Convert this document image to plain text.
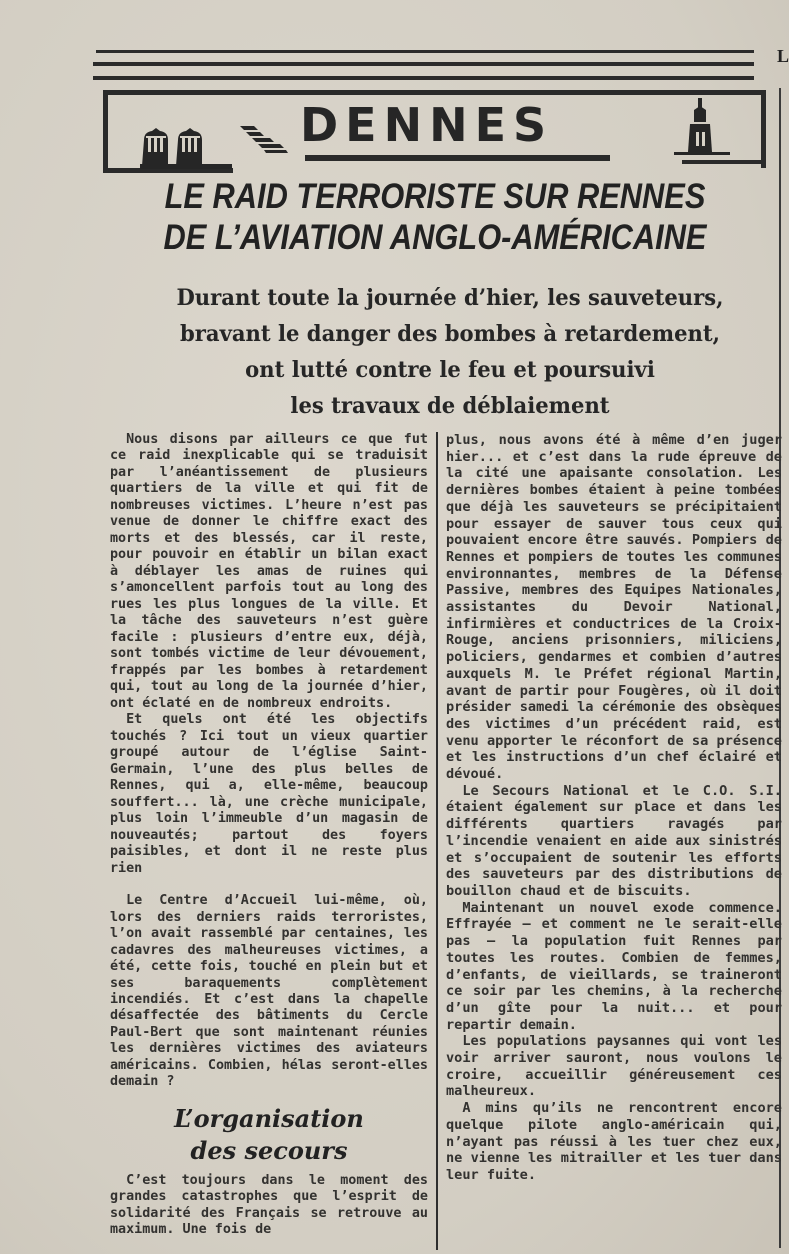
L
DENNES
LE RAID TERRORISTE SUR RENNES
DE L’AVIATION ANGLO-AMÉRICAINE
Durant toute la journée d’hier, les sauveteurs,
bravant le danger des bombes à retardement,
ont lutté contre le feu et poursuivi
les travaux de déblaiement

Nous disons par ailleurs ce que fut ce raid inexplicable qui se traduisit par l’anéantissement de plusieurs quartiers de la ville et qui fit de nombreuses victimes. L’heure n’est pas venue de donner le chiffre exact des morts et des blessés, car il reste, pour pouvoir en établir un bilan exact à déblayer les amas de ruines qui s’amoncellent parfois tout au long des rues les plus longues de la ville. Et la tâche des sauveteurs n’est guère facile : plusieurs d’entre eux, déjà, sont tombés victime de leur dévouement, frappés par les bombes à retardement qui, tout au long de la journée d’hier, ont éclaté en de nombreux endroits.

Et quels ont été les objectifs touchés ? Ici tout un vieux quartier groupé autour de l’église Saint-Germain, l’une des plus belles de Rennes, qui a, elle-même, beaucoup souffert... là, une crèche municipale, plus loin l’immeuble d’un magasin de nouveautés; partout des foyers paisibles, et dont il ne reste plus rien

Le Centre d’Accueil lui-même, où, lors des derniers raids terroristes, l’on avait rassemblé par centaines, les cadavres des malheureuses victimes, a été, cette fois, touché en plein but et ses baraquements complètement incendiés. Et c’est dans la chapelle désaffectée des bâtiments du Cercle Paul-Bert que sont maintenant réunies les dernières victimes des aviateurs américains. Combien, hélas seront-elles demain ?

L’organisation
des secours

C’est toujours dans le moment des grandes catastrophes que l’esprit de solidarité des Français se retrouve au maximum. Une fois de

plus, nous avons été à même d’en juger hier... et c’est dans la rude épreuve de la cité une apaisante consolation. Les dernières bombes étaient à peine tombées que déjà les sauveteurs se précipitaient pour essayer de sauver tous ceux qui pouvaient encore être sauvés. Pompiers de Rennes et pompiers de toutes les communes environnantes, membres de la Défense Passive, membres des Equipes Nationales, assistantes du Devoir National, infirmières et conductrices de la Croix-Rouge, anciens prisonniers, miliciens, policiers, gendarmes et combien d’autres auxquels M. le Préfet régional Martin, avant de partir pour Fougères, où il doit présider samedi la cérémonie des obsèques des victimes d’un précédent raid, est venu apporter le réconfort de sa présence et les instructions d’un chef éclairé et dévoué.

Le Secours National et le C.O. S.I. étaient également sur place et dans les différents quartiers ravagés par l’incendie venaient en aide aux sinistrés et s’occupaient de soutenir les efforts des sauveteurs par des distributions de bouillon chaud et de biscuits.

Maintenant un nouvel exode commence. Effrayée — et comment ne le serait-elle pas — la population fuit Rennes par toutes les routes. Combien de femmes, d’enfants, de vieillards, se traineront ce soir par les chemins, à la recherche d’un gîte pour la nuit... et pour repartir demain.

Les populations paysannes qui vont les voir arriver sauront, nous voulons le croire, accueillir généreusement ces malheureux.

A mins qu’ils ne rencontrent encore quelque pilote anglo-américain qui, n’ayant pas réussi à les tuer chez eux, ne vienne les mitrailler et les tuer dans leur fuite.
